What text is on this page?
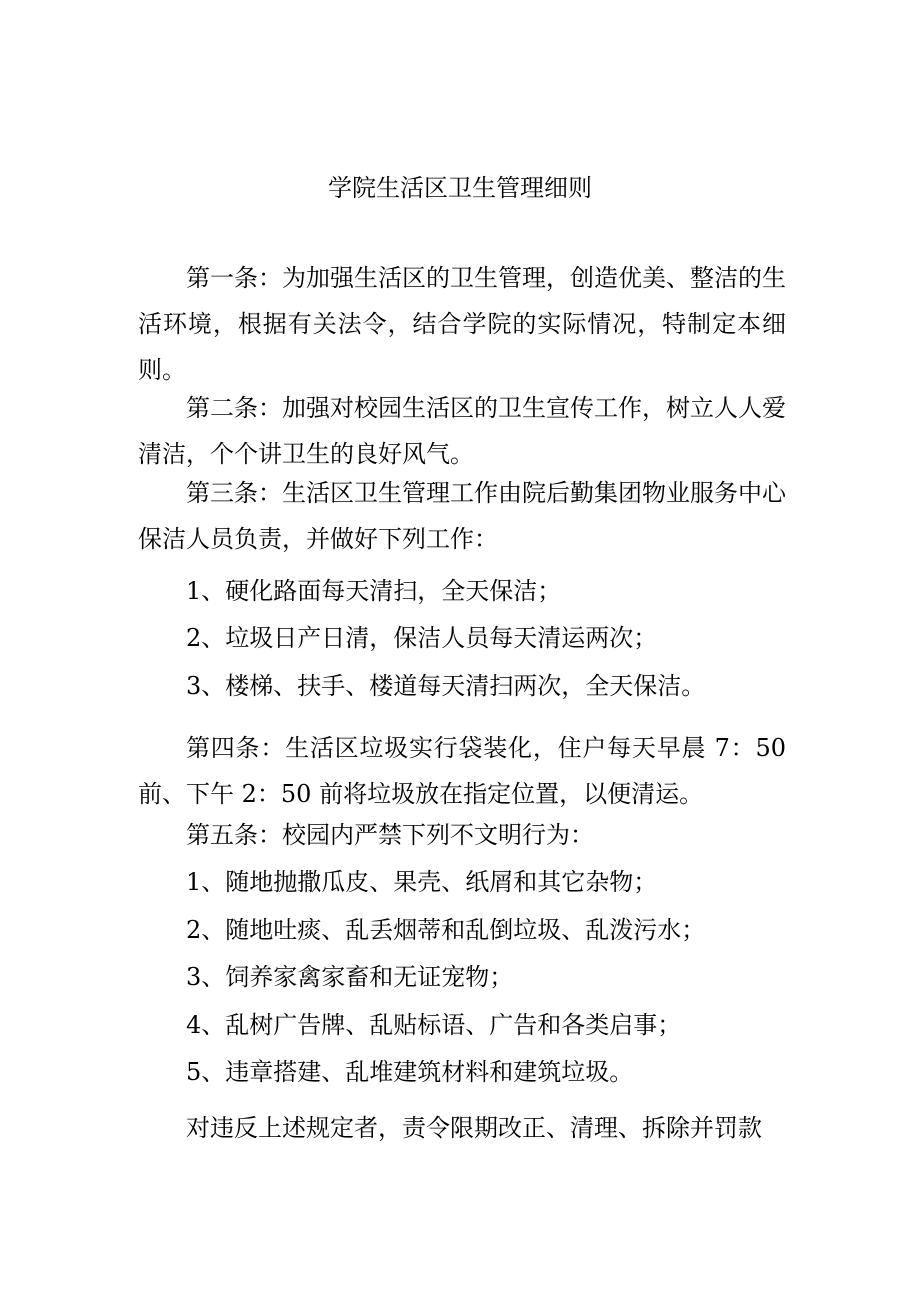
学院生活区卫生管理细则

第一条：为加强生活区的卫生管理，创造优美、整洁的生活环境，根据有关法令，结合学院的实际情况，特制定本细则。

第二条：加强对校园生活区的卫生宣传工作，树立人人爱清洁，个个讲卫生的良好风气。

第三条：生活区卫生管理工作由院后勤集团物业服务中心保洁人员负责，并做好下列工作：

1、硬化路面每天清扫，全天保洁；

2、垃圾日产日清，保洁人员每天清运两次；

3、楼梯、扶手、楼道每天清扫两次，全天保洁。

第四条：生活区垃圾实行袋装化，住户每天早晨 7：50 前、下午 2：50 前将垃圾放在指定位置，以便清运。

第五条：校园内严禁下列不文明行为：

1、随地抛撒瓜皮、果壳、纸屑和其它杂物；

2、随地吐痰、乱丢烟蒂和乱倒垃圾、乱泼污水；

3、饲养家禽家畜和无证宠物；

4、乱树广告牌、乱贴标语、广告和各类启事；

5、违章搭建、乱堆建筑材料和建筑垃圾。

对违反上述规定者，责令限期改正、清理、拆除并罚款
